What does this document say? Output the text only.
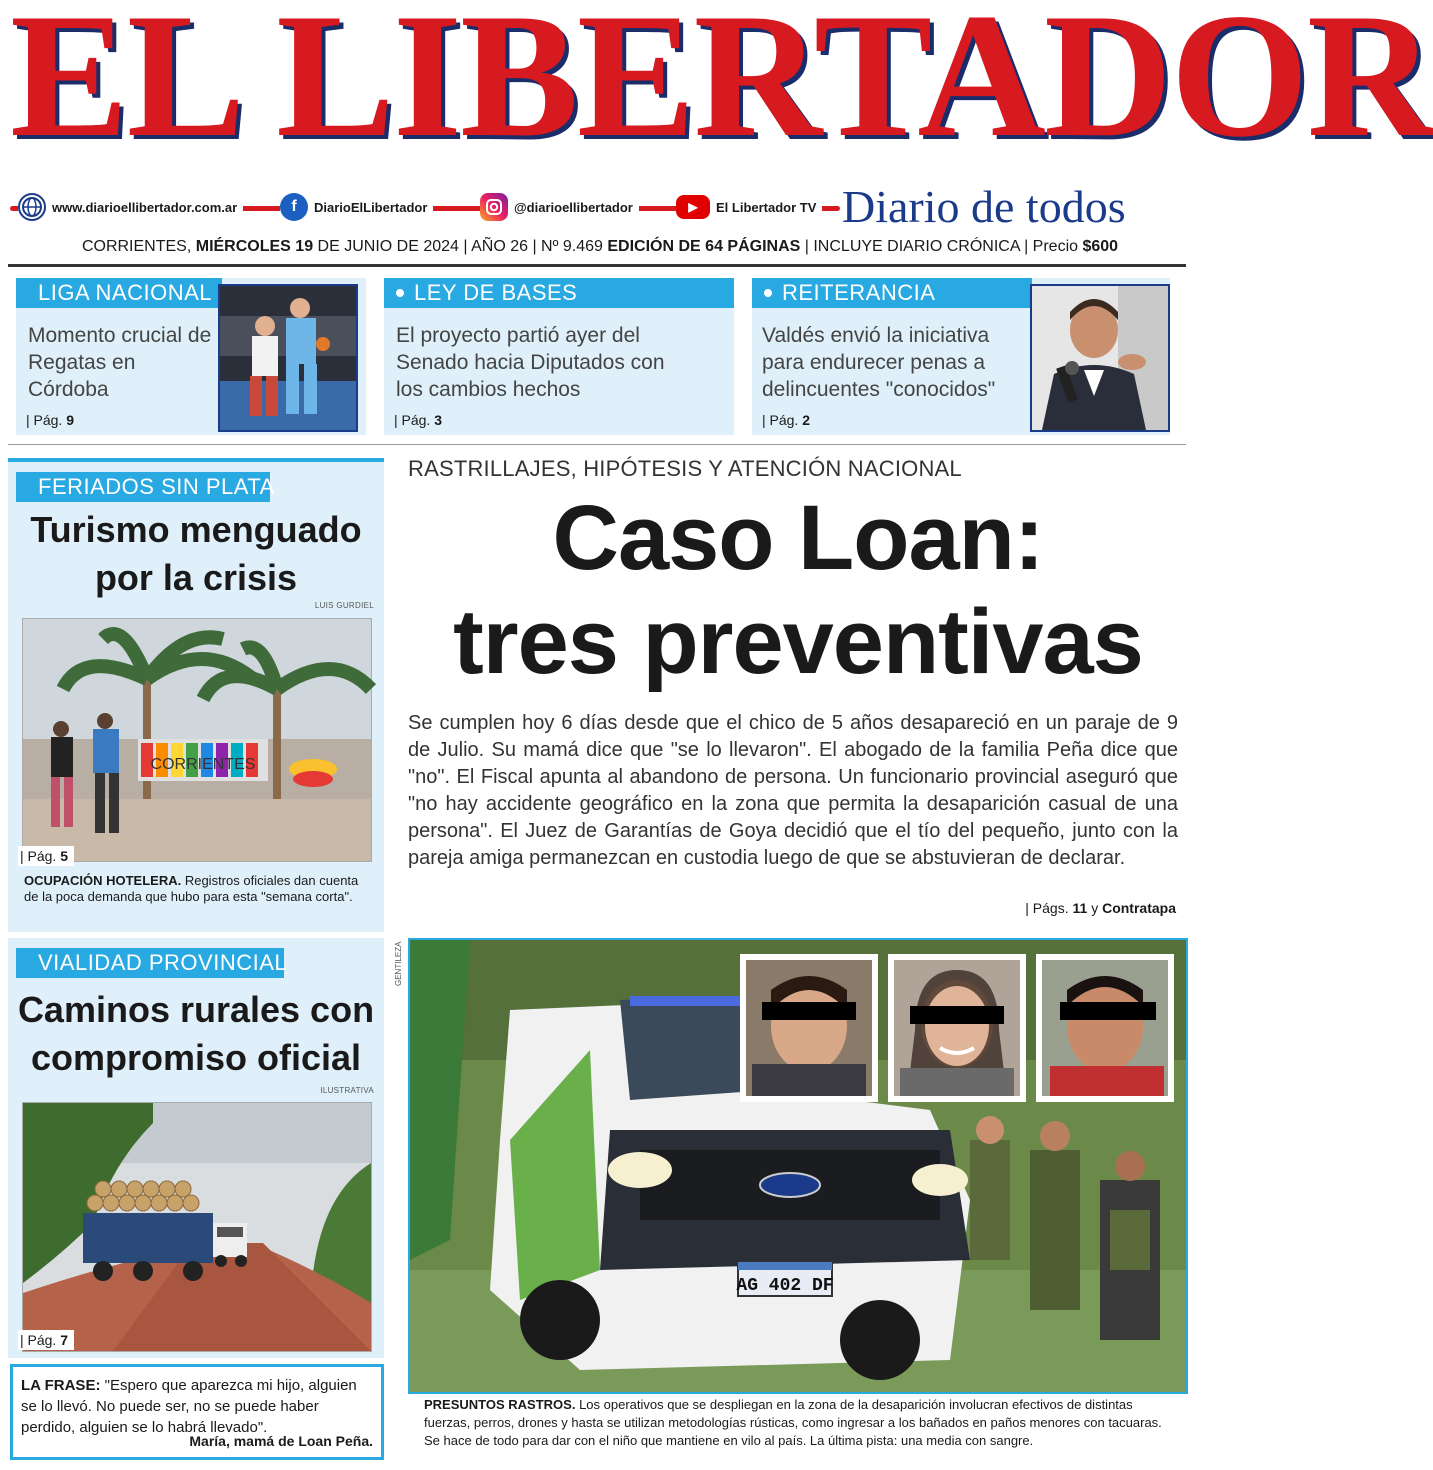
EL LIBERTADOR
www.diarioellibertador.com.ar	f	DiarioElLibertador	@diarioellibertador	▶	El Libertador TV Diario de todos
CORRIENTES, MIÉRCOLES 19 DE JUNIO DE 2024 | AÑO 26 | Nº 9.469 EDICIÓN DE 64 PÁGINAS | INCLUYE DIARIO CRÓNICA | Precio $600
LIGA NACIONAL
Momento crucial de Regatas en Córdoba
| Pág. 9
LEY DE BASES
El proyecto partió ayer del Senado hacia Diputados con los cambios hechos
| Pág. 3
REITERANCIA
Valdés envió la iniciativa para endurecer penas a delincuentes "conocidos"
| Pág. 2
FERIADOS SIN PLATA
Turismo menguado por la crisis
LUIS GURDIEL
CORRIENTES
| Pág. 5
OCUPACIÓN HOTELERA. Registros oficiales dan cuenta de la poca demanda que hubo para esta "semana corta".
VIALIDAD PROVINCIAL
Caminos rurales con compromiso oficial
ILUSTRATIVA
| Pág. 7
LA FRASE: "Espero que aparezca mi hijo, alguien se lo llevó. No puede ser, no se puede haber perdido, alguien se lo habrá llevado".
María, mamá de Loan Peña.
RASTRILLAJES, HIPÓTESIS Y ATENCIÓN NACIONAL
Caso Loan:
tres preventivas
Se cumplen hoy 6 días desde que el chico de 5 años desapareció en un paraje de 9 de Julio. Su mamá dice que "se lo llevaron". El abogado de la familia Peña dice que "no". El Fiscal apunta al abandono de persona. Un funcionario provincial aseguró que "no hay accidente geográfico en la zona que permita la desaparición casual de una persona". El Juez de Garantías de Goya decidió que el tío del pequeño, junto con la pareja amiga permanezcan en custodia luego de que se abstuvieran de declarar.
| Págs. 11 y Contratapa
GENTILEZA
AG 402 DF
PRESUNTOS RASTROS. Los operativos que se despliegan en la zona de la desaparición involucran efectivos de distintas fuerzas, perros, drones y hasta se utilizan metodologías rústicas, como ingresar a los bañados en paños menores con tacuaras. Se hace de todo para dar con el niño que mantiene en vilo al país. La última pista: una media con sangre.
